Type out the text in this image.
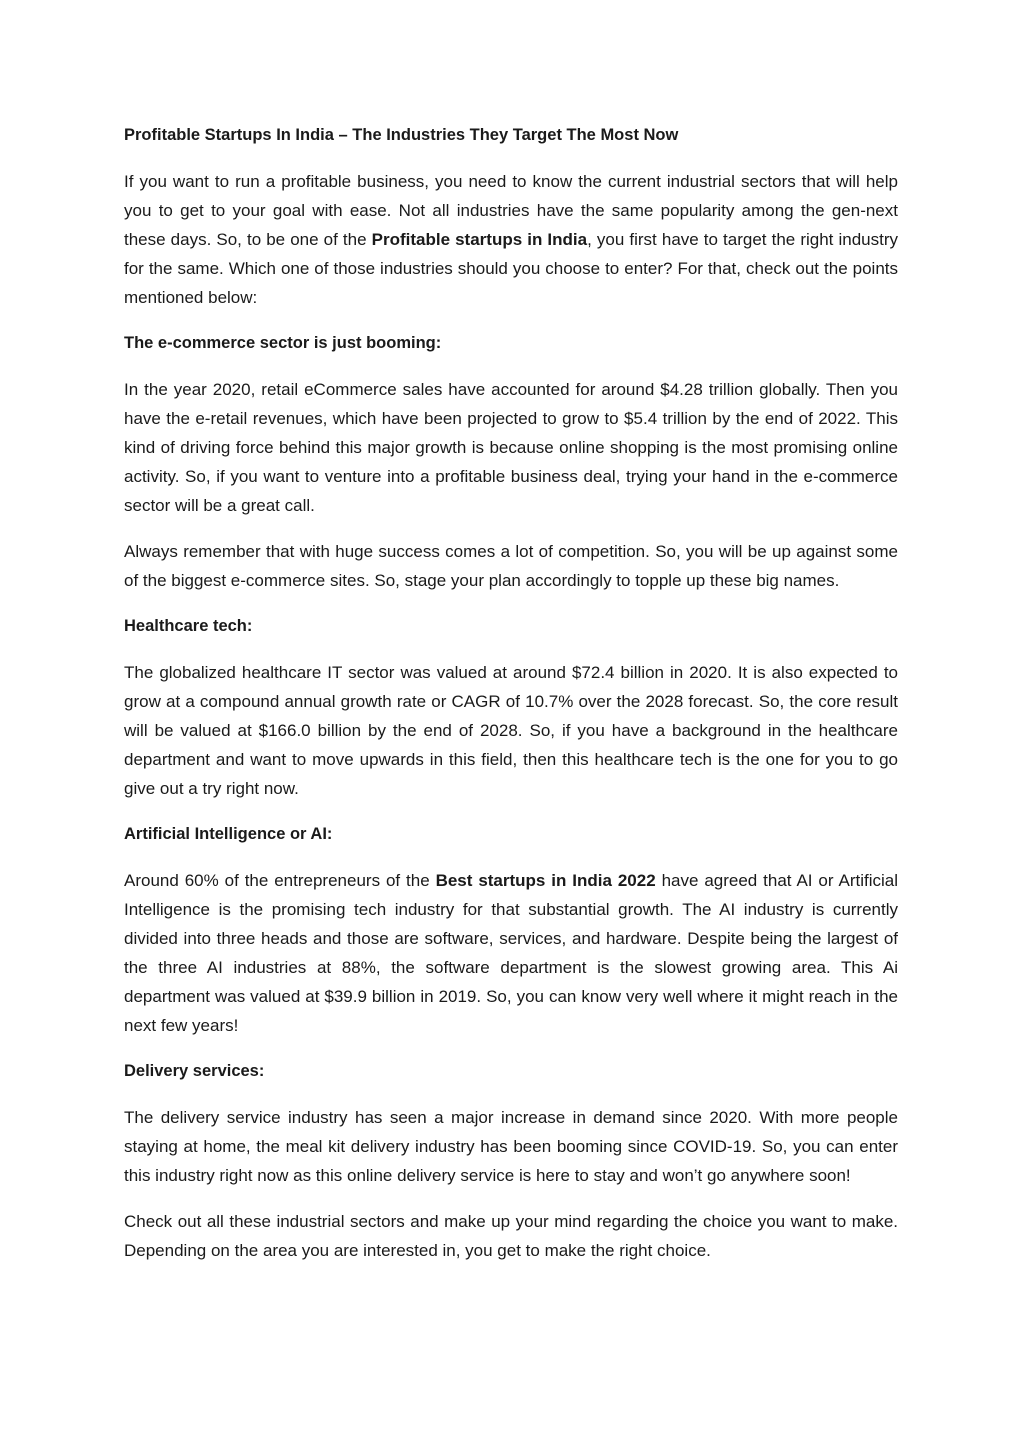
Profitable Startups In India – The Industries They Target The Most Now

If you want to run a profitable business, you need to know the current industrial sectors that will help you to get to your goal with ease. Not all industries have the same popularity among the gen-next these days. So, to be one of the Profitable startups in India, you first have to target the right industry for the same. Which one of those industries should you choose to enter? For that, check out the points mentioned below:

The e-commerce sector is just booming:

In the year 2020, retail eCommerce sales have accounted for around $4.28 trillion globally. Then you have the e-retail revenues, which have been projected to grow to $5.4 trillion by the end of 2022. This kind of driving force behind this major growth is because online shopping is the most promising online activity. So, if you want to venture into a profitable business deal, trying your hand in the e-commerce sector will be a great call.

Always remember that with huge success comes a lot of competition. So, you will be up against some of the biggest e-commerce sites. So, stage your plan accordingly to topple up these big names.

Healthcare tech:

The globalized healthcare IT sector was valued at around $72.4 billion in 2020. It is also expected to grow at a compound annual growth rate or CAGR of 10.7% over the 2028 forecast. So, the core result will be valued at $166.0 billion by the end of 2028. So, if you have a background in the healthcare department and want to move upwards in this field, then this healthcare tech is the one for you to go give out a try right now.

Artificial Intelligence or AI:

Around 60% of the entrepreneurs of the Best startups in India 2022 have agreed that AI or Artificial Intelligence is the promising tech industry for that substantial growth. The AI industry is currently divided into three heads and those are software, services, and hardware. Despite being the largest of the three AI industries at 88%, the software department is the slowest growing area. This Ai department was valued at $39.9 billion in 2019. So, you can know very well where it might reach in the next few years!

Delivery services:

The delivery service industry has seen a major increase in demand since 2020. With more people staying at home, the meal kit delivery industry has been booming since COVID-19. So, you can enter this industry right now as this online delivery service is here to stay and won’t go anywhere soon!

Check out all these industrial sectors and make up your mind regarding the choice you want to make. Depending on the area you are interested in, you get to make the right choice.
